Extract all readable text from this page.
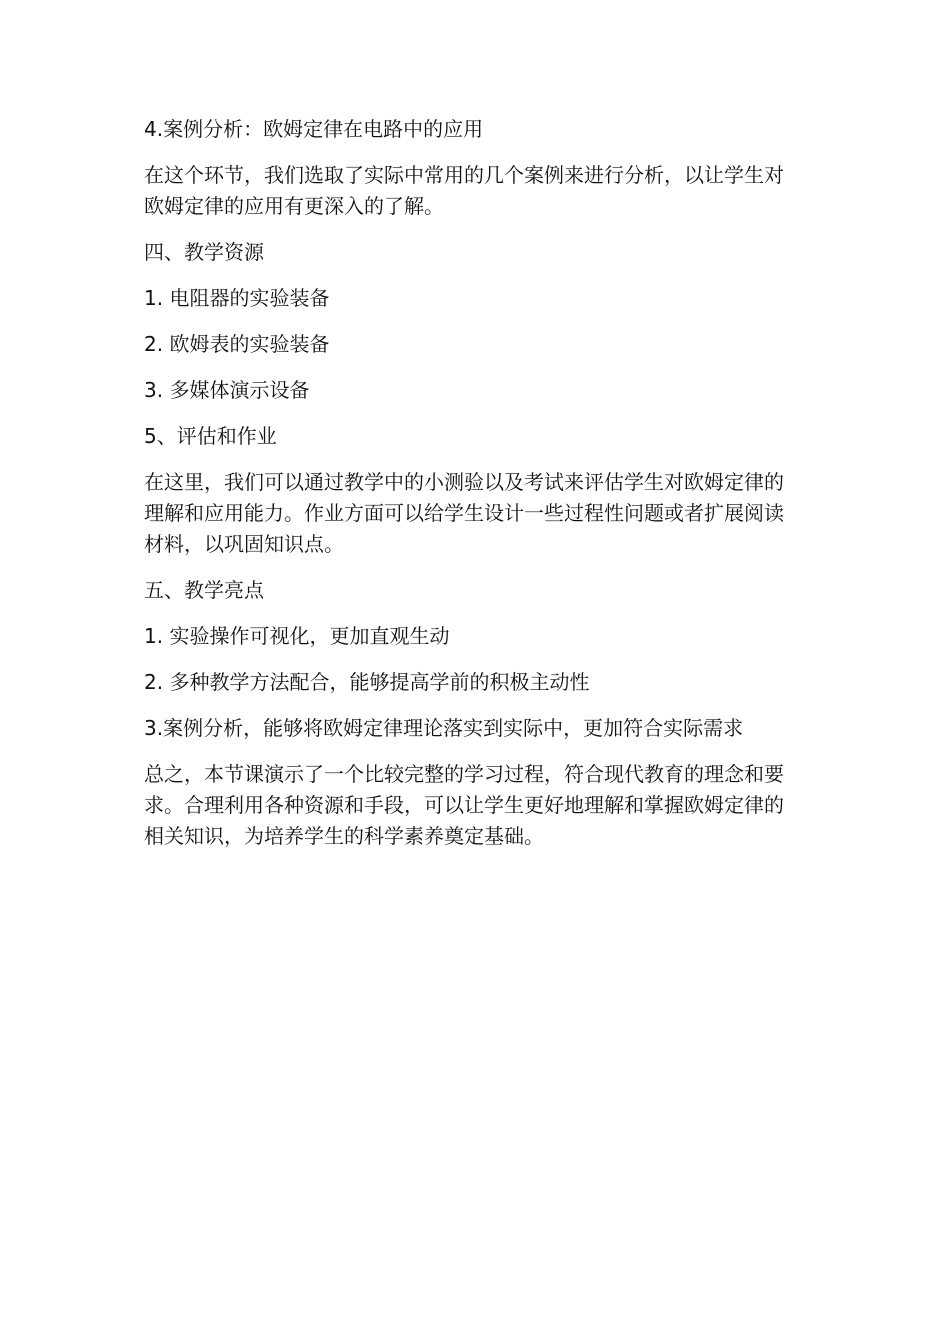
4.案例分析：欧姆定律在电路中的应用

在这个环节，我们选取了实际中常用的几个案例来进行分析，以让学生对欧姆定律的应用有更深入的了解。

四、教学资源

1. 电阻器的实验装备

2. 欧姆表的实验装备

3. 多媒体演示设备

5、评估和作业

在这里，我们可以通过教学中的小测验以及考试来评估学生对欧姆定律的理解和应用能力。作业方面可以给学生设计一些过程性问题或者扩展阅读材料，以巩固知识点。

五、教学亮点

1. 实验操作可视化，更加直观生动

2. 多种教学方法配合，能够提高学前的积极主动性

3.案例分析，能够将欧姆定律理论落实到实际中，更加符合实际需求

总之，本节课演示了一个比较完整的学习过程，符合现代教育的理念和要求。合理利用各种资源和手段，可以让学生更好地理解和掌握欧姆定律的相关知识，为培养学生的科学素养奠定基础。
